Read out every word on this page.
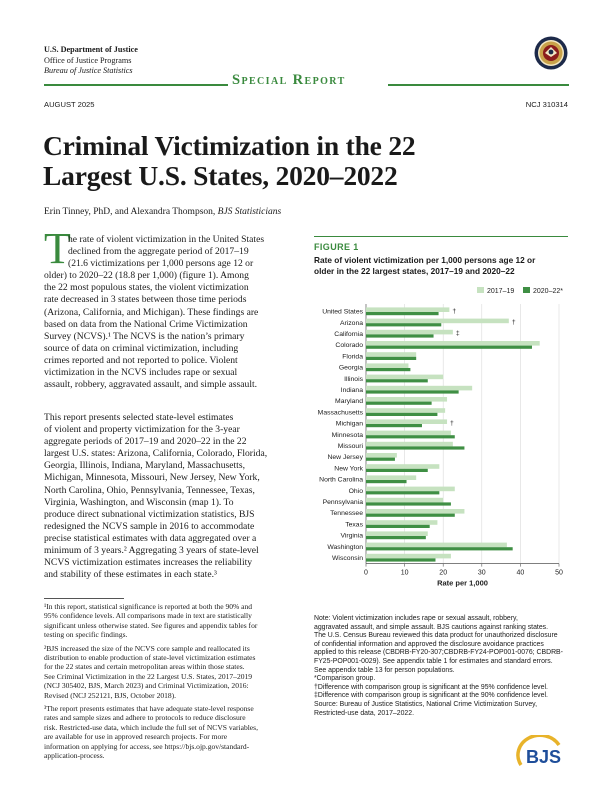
U.S. Department of Justice
Office of Justice Programs
Bureau of Justice Statistics
Special Report
AUGUST 2025	NCJ 310314
Criminal Victimization in the 22
Largest U.S. States, 2020–2022
Erin Tinney, PhD, and Alexandra Thompson, BJS Statisticians
T
he rate of violent victimization in the United States
declined from the aggregate period of 2017–19
(21.6 victimizations per 1,000 persons age 12 or
older) to 2020–22 (18.8 per 1,000) (figure 1). Among
the 22 most populous states, the violent victimization
rate decreased in 3 states between those time periods
(Arizona, California, and Michigan). These findings are
based on data from the National Crime Victimization
Survey (NCVS).¹ The NCVS is the nation’s primary
source of data on criminal victimization, including
crimes reported and not reported to police. Violent
victimization in the NCVS includes rape or sexual
assault, robbery, aggravated assault, and simple assault.
This report presents selected state-level estimates
of violent and property victimization for the 3-year
aggregate periods of 2017–19 and 2020–22 in the 22
largest U.S. states: Arizona, California, Colorado, Florida,
Georgia, Illinois, Indiana, Maryland, Massachusetts,
Michigan, Minnesota, Missouri, New Jersey, New York,
North Carolina, Ohio, Pennsylvania, Tennessee, Texas,
Virginia, Washington, and Wisconsin (map 1). To
produce direct subnational victimization statistics, BJS
redesigned the NCVS sample in 2016 to accommodate
precise statistical estimates with data aggregated over a
minimum of 3 years.² Aggregating 3 years of state-level
NCVS victimization estimates increases the reliability
and stability of these estimates in each state.³
¹In this report, statistical significance is reported at both the 90% and
95% confidence levels. All comparisons made in text are statistically
significant unless otherwise stated. See figures and appendix tables for
testing on specific findings.
²BJS increased the size of the NCVS core sample and reallocated its
distribution to enable production of state-level victimization estimates
for the 22 states and certain metropolitan areas within those states.
See Criminal Victimization in the 22 Largest U.S. States, 2017–2019
(NCJ 305402, BJS, March 2023) and Criminal Victimization, 2016:
Revised (NCJ 252121, BJS, October 2018).
³The report presents estimates that have adequate state-level response
rates and sample sizes and adhere to protocols to reduce disclosure
risk. Restricted-use data, which include the full set of NCVS variables,
are available for use in approved research projects. For more
information on applying for access, see https://bjs.ojp.gov/standard-
application-process.
FIGURE 1
Rate of violent victimization per 1,000 persons age 12 or
older in the 22 largest states, 2017–19 and 2020–22
2017–19	2020–22*
0	10	20	30	40	50
United States	†
Arizona	†
California	‡
Colorado
Florida
Georgia
Illinois
Indiana
Maryland
Massachusetts
Michigan	†
Minnesota
Missouri
New Jersey
New York
North Carolina
Ohio
Pennsylvania
Tennessee
Texas
Virginia
Washington
Wisconsin
Rate per 1,000
Note: Violent victimization includes rape or sexual assault, robbery,
aggravated assault, and simple assault. BJS cautions against ranking states.
The U.S. Census Bureau reviewed this data product for unauthorized disclosure
of confidential information and approved the disclosure avoidance practices
applied to this release (CBDRB-FY20-307;CBDRB-FY24-POP001-0076; CBDRB-
FY25-POP001-0029). See appendix table 1 for estimates and standard errors.
See appendix table 13 for person populations.
*Comparison group.
†Difference with comparison group is significant at the 95% confidence level.
‡Difference with comparison group is significant at the 90% confidence level.
Source: Bureau of Justice Statistics, National Crime Victimization Survey,
Restricted-use data, 2017–2022.
BJS
